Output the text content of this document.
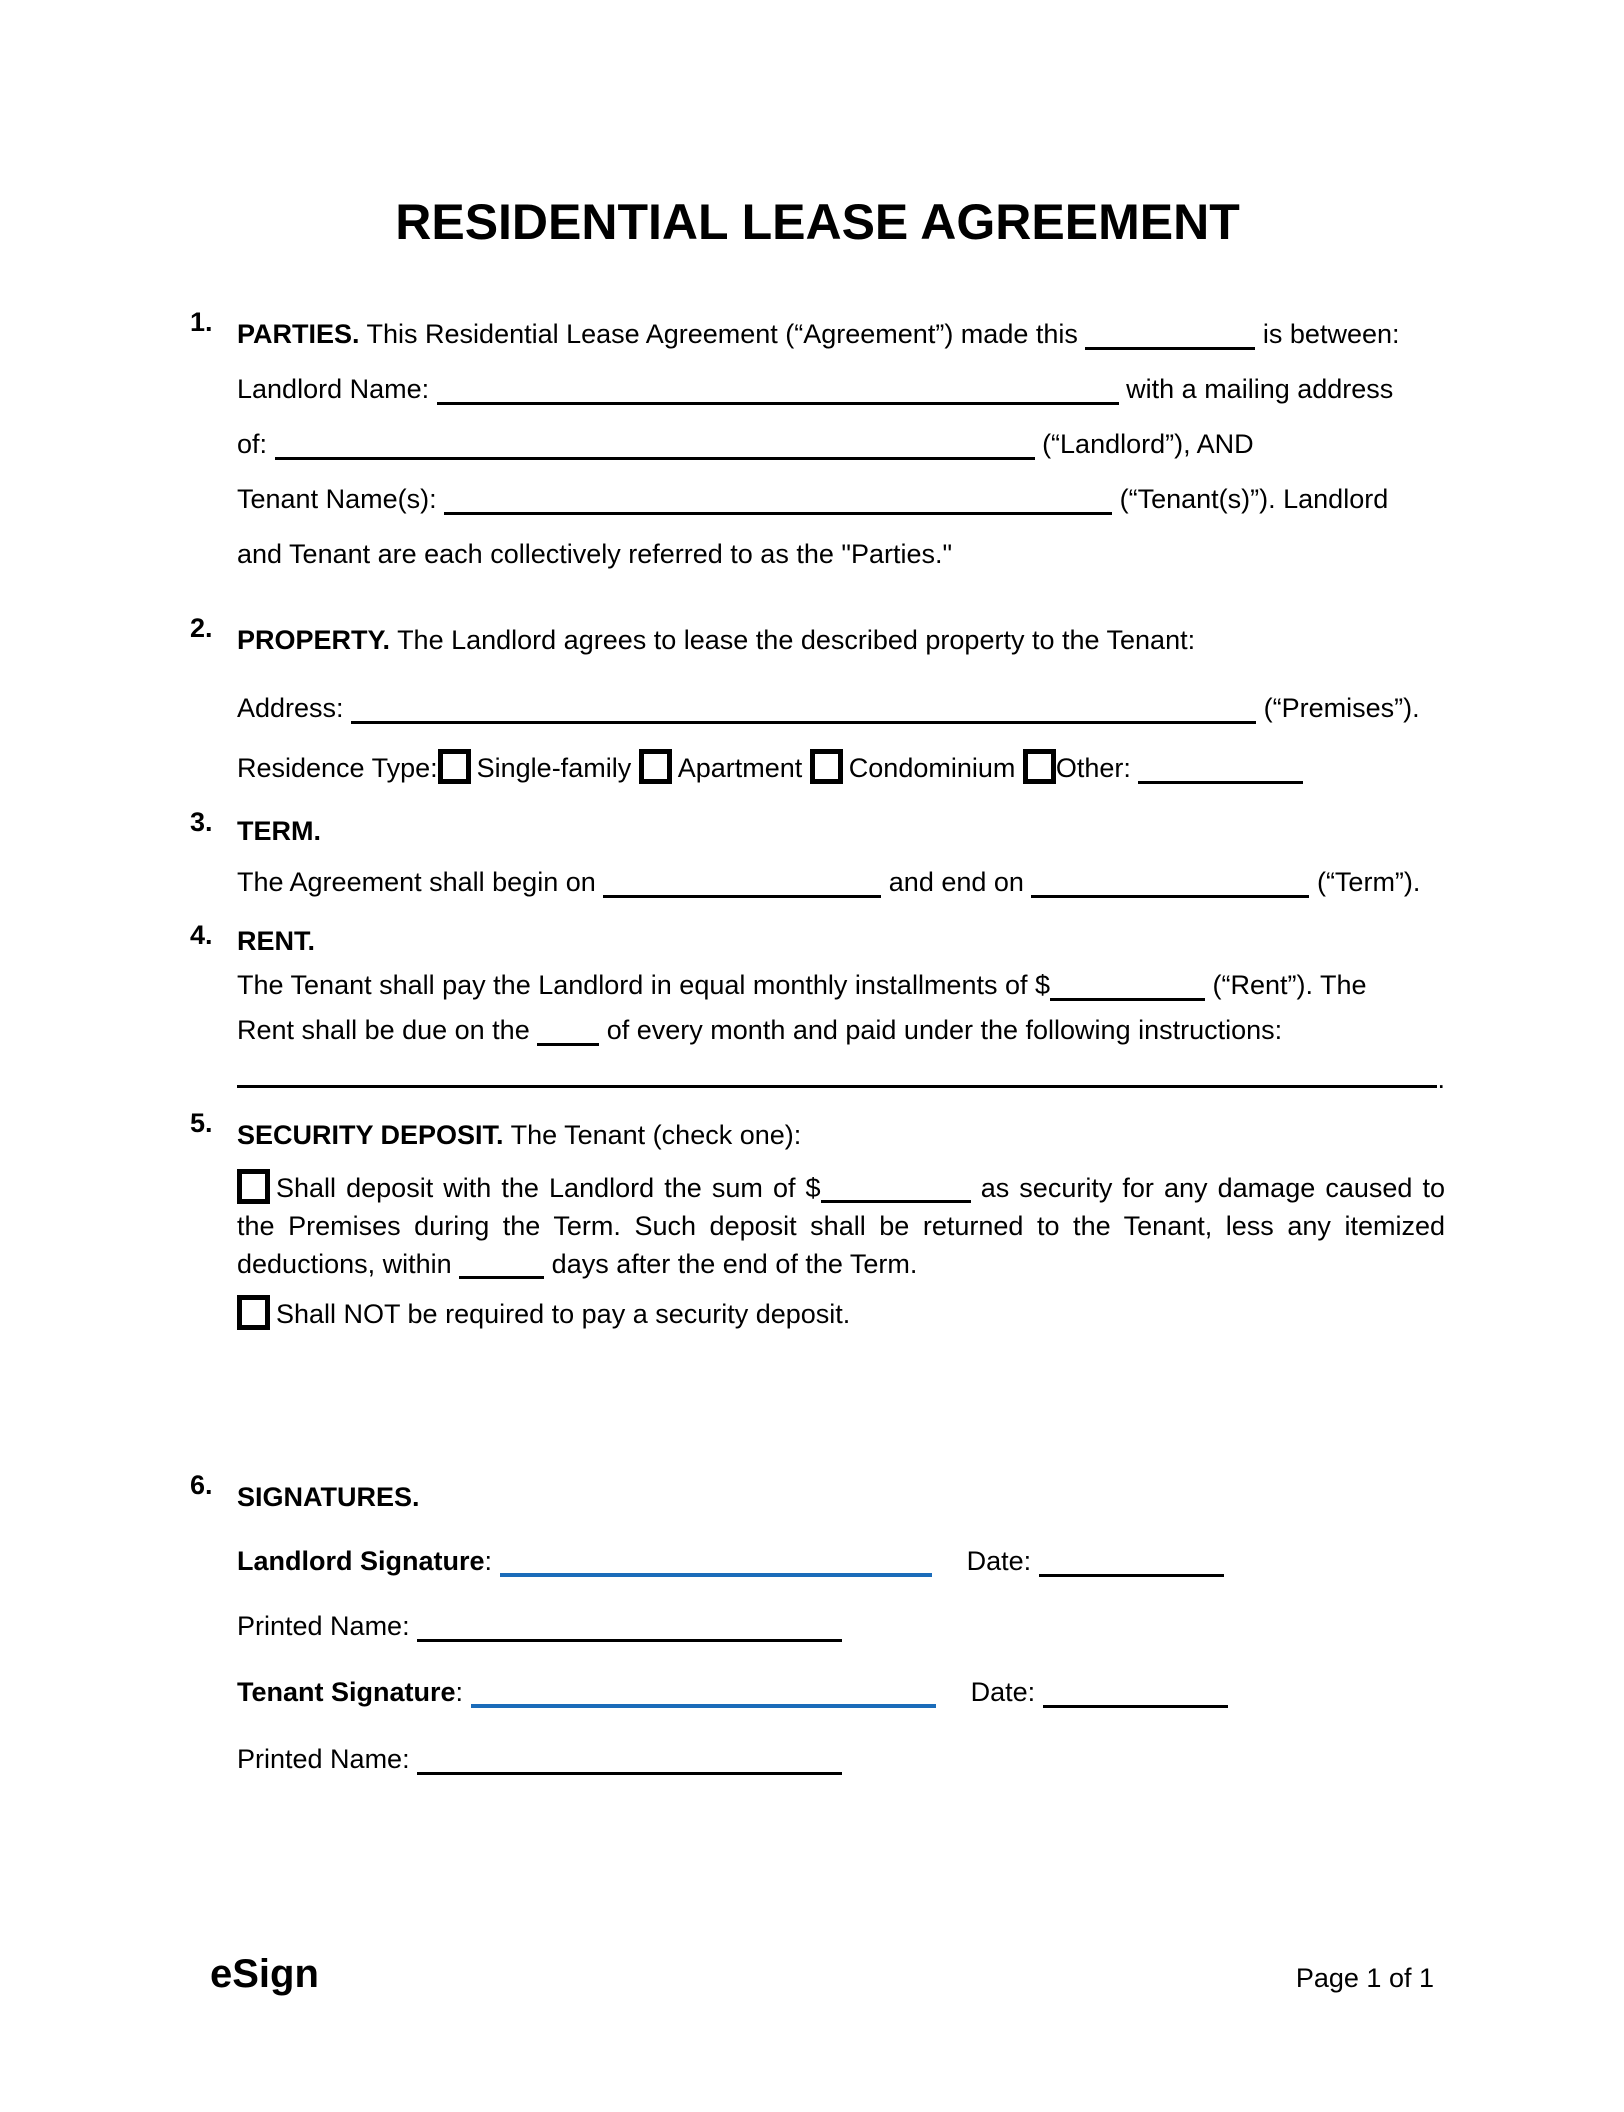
RESIDENTIAL LEASE AGREEMENT
1. PARTIES. This Residential Lease Agreement (“Agreement”) made this	is between:
Landlord Name:	with a mailing address
of:	(“Landlord”), AND
Tenant Name(s):	(“Tenant(s)”). Landlord
and Tenant are each collectively referred to as the "Parties."
2. PROPERTY. The Landlord agrees to lease the described property to the Tenant:
Address:	(“Premises”).
Residence Type: Single-family Apartment Condominium Other:
3. TERM.
The Agreement shall begin on	and end on	(“Term”).
4. RENT.
The Tenant shall pay the Landlord in equal monthly installments of $	(“Rent”). The
Rent shall be due on the	of every month and paid under the following instructions:
.
5. SECURITY DEPOSIT. The Tenant (check one):
Shall deposit with the Landlord the sum of $	as security for any damage caused to the Premises during the Term. Such deposit shall be returned to the Tenant, less any itemized deductions, within	days after the end of the Term.
Shall NOT be required to pay a security deposit.
6. SIGNATURES.
Landlord Signature:	Date:
Printed Name:
Tenant Signature:	Date:
Printed Name:
eSign	Page 1 of 1
